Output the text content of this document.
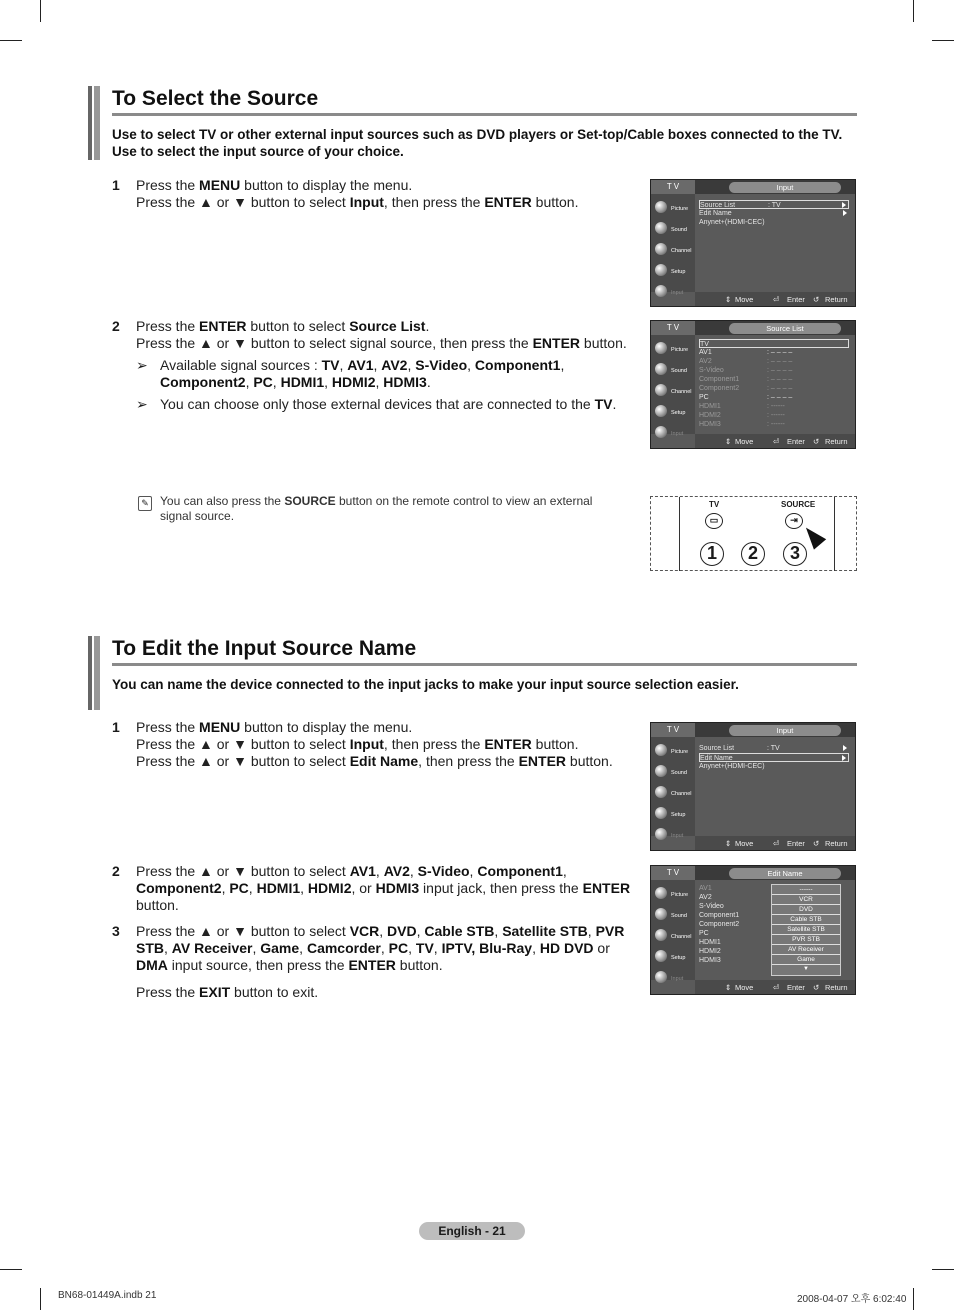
To Select the Source
Use to select TV or other external input sources such as DVD players or Set-top/Cable boxes connected to the TV.
Use to select the input source of your choice.
1 Press the MENU button to display the menu.
Press the ▲ or ▼ button to select Input, then press the ENTER button.
2 Press the ENTER button to select Source List.
Press the ▲ or ▼ button to select signal source, then press the ENTER button.
➢ Available signal sources : TV, AV1, AV2, S-Video, Component1,
Component2, PC, HDMI1, HDMI2, HDMI3.
➢ You can choose only those external devices that are connected to the TV.
✎ You can also press the SOURCE button on the remote control to view an external
signal source.
T V	Input
Picture
Sound
Channel
Setup
Input
Source List	: TV
Edit Name
Anynet+(HDMI-CEC)
⇕ Move	⏎ Enter ↺ Return
T V	Source List
Picture
Sound
Channel
Setup
Input
TV
AV1	: – – – –
AV2	: – – – –
S-Video	: – – – –
Component1	: – – – –
Component2	: – – – –
PC	: – – – –
HDMI1	: ------
HDMI2	: ------
HDMI3	: ------
⇕ Move	⏎ Enter ↺ Return
TV	SOURCE
▭	⇥
1	2	3
To Edit the Input Source Name
You can name the device connected to the input jacks to make your input source selection easier.
1 Press the MENU button to display the menu.
Press the ▲ or ▼ button to select Input, then press the ENTER button.
Press the ▲ or ▼ button to select Edit Name, then press the ENTER button.
2 Press the ▲ or ▼ button to select AV1, AV2, S-Video, Component1,
Component2, PC, HDMI1, HDMI2, or HDMI3 input jack, then press the ENTER
button.
3 Press the ▲ or ▼ button to select VCR, DVD, Cable STB, Satellite STB, PVR
STB, AV Receiver, Game, Camcorder, PC, TV, IPTV, Blu-Ray, HD DVD or
DMA input source, then press the ENTER button.
Press the EXIT button to exit.
T V	Input
Picture
Sound
Channel
Setup
Input
Source List	: TV
Edit Name
Anynet+(HDMI-CEC)
⇕ Move	⏎ Enter ↺ Return
T V	Edit Name
Picture
Sound
Channel
Setup
Input
AV1
AV2
S-Video
Component1
Component2
PC
HDMI1
HDMI2
HDMI3
------
VCR
DVD
Cable STB
Satellite STB
PVR STB
AV Receiver
Game
▼
⇕ Move	⏎ Enter ↺ Return
English - 21
BN68-01449A.indb 21	2008-04-07 오후 6:02:40
